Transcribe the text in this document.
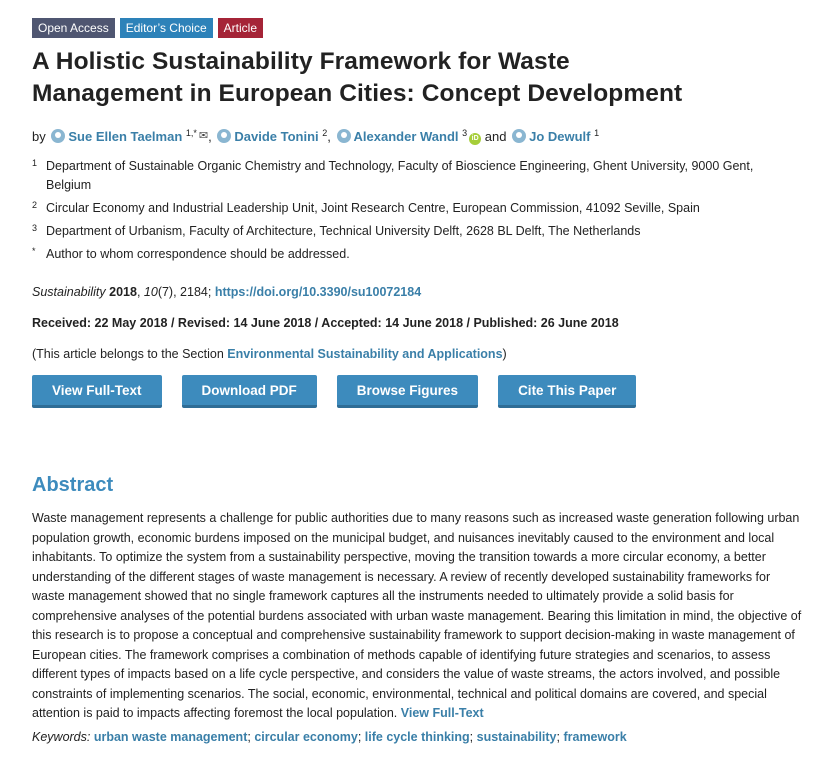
Open Access	Editor’s Choice	Article
A Holistic Sustainability Framework for Waste
Management in European Cities: Concept Development
by Sue Ellen Taelman $^{1,*}$ ✉, Davide Tonini $^2$, Alexander Wandl $^3$iD and Jo Dewulf $^1$
1 Department of Sustainable Organic Chemistry and Technology, Faculty of Bioscience Engineering, Ghent University, 9000 Gent, Belgium
2 Circular Economy and Industrial Leadership Unit, Joint Research Centre, European Commission, 41092 Seville, Spain
3 Department of Urbanism, Faculty of Architecture, Technical University Delft, 2628 BL Delft, The Netherlands
* Author to whom correspondence should be addressed.
Sustainability 2018, 10(7), 2184; https://doi.org/10.3390/su10072184
Received: 22 May 2018 / Revised: 14 June 2018 / Accepted: 14 June 2018 / Published: 26 June 2018
(This article belongs to the Section Environmental Sustainability and Applications)
View Full-Text	Download PDF	Browse Figures	Cite This Paper
Abstract
Waste management represents a challenge for public authorities due to many reasons such as increased waste generation following urban population growth, economic burdens imposed on the municipal budget, and nuisances inevitably caused to the environment and local inhabitants. To optimize the system from a sustainability perspective, moving the transition towards a more circular economy, a better understanding of the different stages of waste management is necessary. A review of recently developed sustainability frameworks for waste management showed that no single framework captures all the instruments needed to ultimately provide a solid basis for comprehensive analyses of the potential burdens associated with urban waste management. Bearing this limitation in mind, the objective of this research is to propose a conceptual and comprehensive sustainability framework to support decision-making in waste management of European cities. The framework comprises a combination of methods capable of identifying future strategies and scenarios, to assess different types of impacts based on a life cycle perspective, and considers the value of waste streams, the actors involved, and possible constraints of implementing scenarios. The social, economic, environmental, technical and political domains are covered, and special attention is paid to impacts affecting foremost the local population. View Full-Text
Keywords: urban waste management; circular economy; life cycle thinking; sustainability; framework
